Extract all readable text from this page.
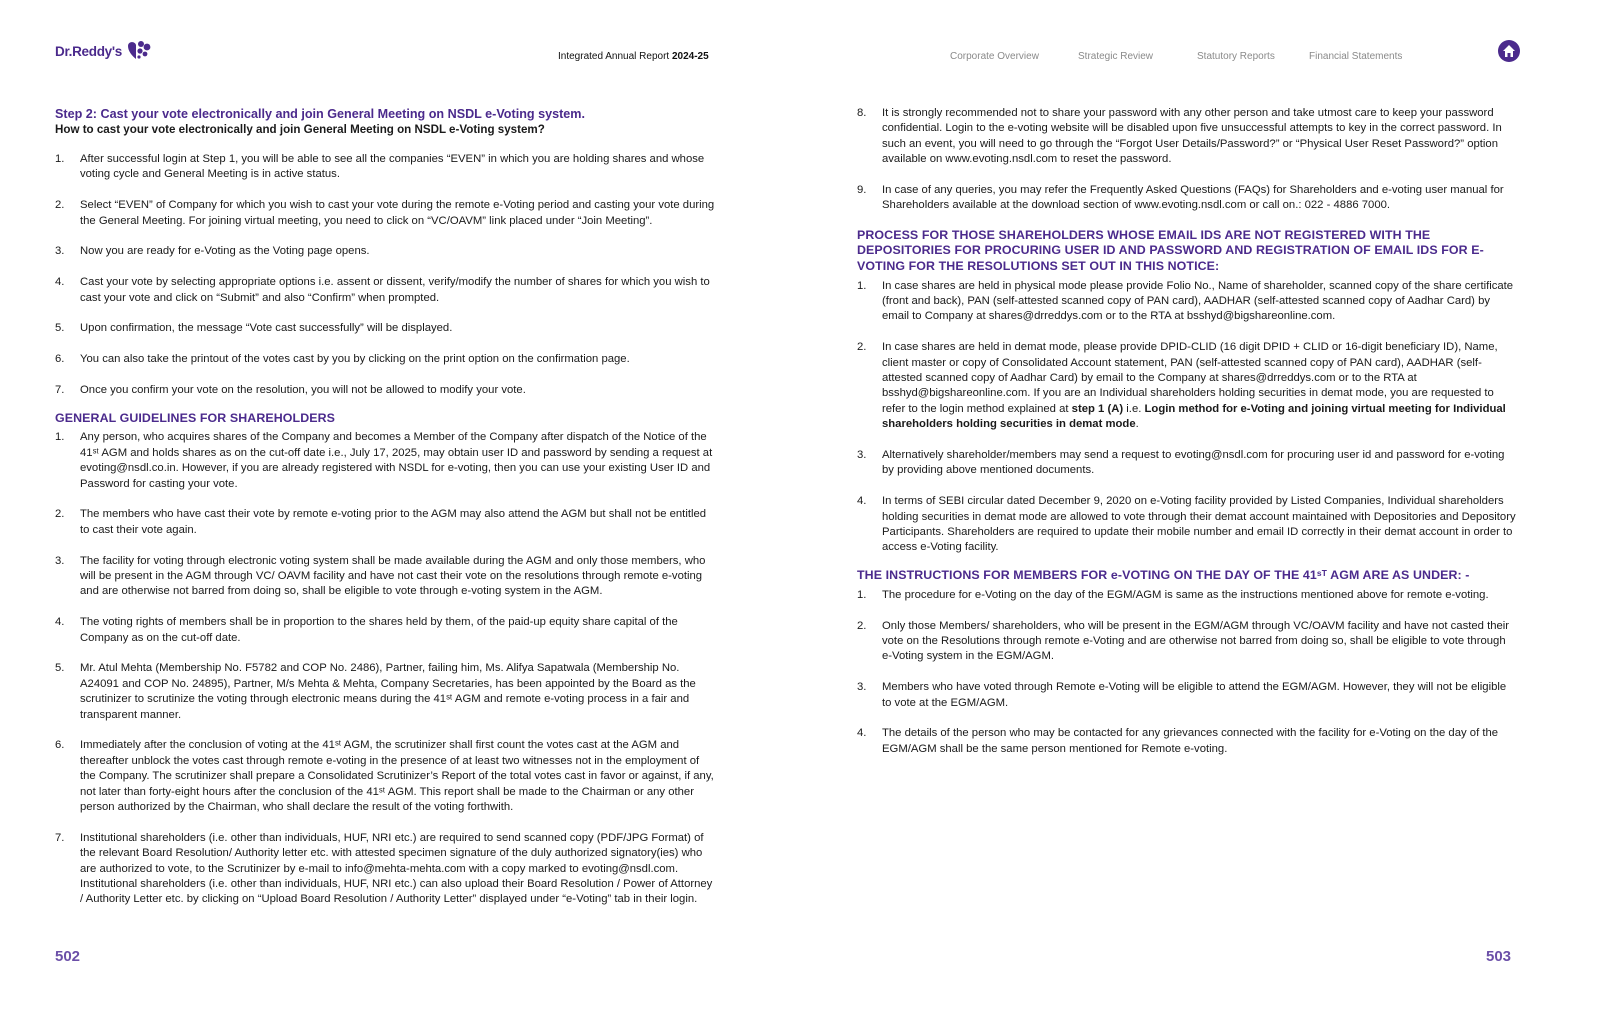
Dr.Reddy's	Integrated Annual Report 2024-25	Corporate Overview	Strategic Review	Statutory Reports	Financial Statements
Step 2: Cast your vote electronically and join General Meeting on NSDL e-Voting system.
How to cast your vote electronically and join General Meeting on NSDL e-Voting system?
1.	After successful login at Step 1, you will be able to see all the companies “EVEN” in which you are holding shares and whose voting cycle and General Meeting is in active status.
2.	Select “EVEN” of Company for which you wish to cast your vote during the remote e-Voting period and casting your vote during the General Meeting. For joining virtual meeting, you need to click on “VC/OAVM” link placed under “Join Meeting”.
3.	Now you are ready for e-Voting as the Voting page opens.
4.	Cast your vote by selecting appropriate options i.e. assent or dissent, verify/modify the number of shares for which you wish to cast your vote and click on “Submit” and also “Confirm” when prompted.
5.	Upon confirmation, the message “Vote cast successfully” will be displayed.
6.	You can also take the printout of the votes cast by you by clicking on the print option on the confirmation page.
7.	Once you confirm your vote on the resolution, you will not be allowed to modify your vote.
GENERAL GUIDELINES FOR SHAREHOLDERS
1.	Any person, who acquires shares of the Company and becomes a Member of the Company after dispatch of the Notice of the 41ˢᵗ AGM and holds shares as on the cut-off date i.e., July 17, 2025, may obtain user ID and password by sending a request at evoting@nsdl.co.in. However, if you are already registered with NSDL for e-voting, then you can use your existing User ID and Password for casting your vote.
2.	The members who have cast their vote by remote e-voting prior to the AGM may also attend the AGM but shall not be entitled to cast their vote again.
3.	The facility for voting through electronic voting system shall be made available during the AGM and only those members, who will be present in the AGM through VC/ OAVM facility and have not cast their vote on the resolutions through remote e-voting and are otherwise not barred from doing so, shall be eligible to vote through e-voting system in the AGM.
4.	The voting rights of members shall be in proportion to the shares held by them, of the paid-up equity share capital of the Company as on the cut-off date.
5.	Mr. Atul Mehta (Membership No. F5782 and COP No. 2486), Partner, failing him, Ms. Alifya Sapatwala (Membership No. A24091 and COP No. 24895), Partner, M/s Mehta & Mehta, Company Secretaries, has been appointed by the Board as the scrutinizer to scrutinize the voting through electronic means during the 41ˢᵗ AGM and remote e-voting process in a fair and transparent manner.
6.	Immediately after the conclusion of voting at the 41ˢᵗ AGM, the scrutinizer shall first count the votes cast at the AGM and thereafter unblock the votes cast through remote e-voting in the presence of at least two witnesses not in the employment of the Company. The scrutinizer shall prepare a Consolidated Scrutinizer’s Report of the total votes cast in favor or against, if any, not later than forty-eight hours after the conclusion of the 41ˢᵗ AGM. This report shall be made to the Chairman or any other person authorized by the Chairman, who shall declare the result of the voting forthwith.
7.	Institutional shareholders (i.e. other than individuals, HUF, NRI etc.) are required to send scanned copy (PDF/JPG Format) of the relevant Board Resolution/ Authority letter etc. with attested specimen signature of the duly authorized signatory(ies) who are authorized to vote, to the Scrutinizer by e-mail to info@mehta-mehta.com with a copy marked to evoting@nsdl.com. Institutional shareholders (i.e. other than individuals, HUF, NRI etc.) can also upload their Board Resolution / Power of Attorney / Authority Letter etc. by clicking on “Upload Board Resolution / Authority Letter” displayed under “e-Voting” tab in their login.
502
8.	It is strongly recommended not to share your password with any other person and take utmost care to keep your password confidential. Login to the e-voting website will be disabled upon five unsuccessful attempts to key in the correct password. In such an event, you will need to go through the “Forgot User Details/Password?” or “Physical User Reset Password?” option available on www.evoting.nsdl.com to reset the password.
9.	In case of any queries, you may refer the Frequently Asked Questions (FAQs) for Shareholders and e-voting user manual for Shareholders available at the download section of www.evoting.nsdl.com or call on.: 022 - 4886 7000.
PROCESS FOR THOSE SHAREHOLDERS WHOSE EMAIL IDS ARE NOT REGISTERED WITH THE DEPOSITORIES FOR PROCURING USER ID AND PASSWORD AND REGISTRATION OF EMAIL IDS FOR E-VOTING FOR THE RESOLUTIONS SET OUT IN THIS NOTICE:
1.	In case shares are held in physical mode please provide Folio No., Name of shareholder, scanned copy of the share certificate (front and back), PAN (self-attested scanned copy of PAN card), AADHAR (self-attested scanned copy of Aadhar Card) by email to Company at shares@drreddys.com or to the RTA at bsshyd@bigshareonline.com.
2.	In case shares are held in demat mode, please provide DPID-CLID (16 digit DPID + CLID or 16-digit beneficiary ID), Name, client master or copy of Consolidated Account statement, PAN (self-attested scanned copy of PAN card), AADHAR (self-attested scanned copy of Aadhar Card) by email to the Company at shares@drreddys.com or to the RTA at bsshyd@bigshareonline.com. If you are an Individual shareholders holding securities in demat mode, you are requested to refer to the login method explained at step 1 (A) i.e. Login method for e-Voting and joining virtual meeting for Individual shareholders holding securities in demat mode.
3.	Alternatively shareholder/members may send a request to evoting@nsdl.com for procuring user id and password for e-voting by providing above mentioned documents.
4.	In terms of SEBI circular dated December 9, 2020 on e-Voting facility provided by Listed Companies, Individual shareholders holding securities in demat mode are allowed to vote through their demat account maintained with Depositories and Depository Participants. Shareholders are required to update their mobile number and email ID correctly in their demat account in order to access e-Voting facility.
THE INSTRUCTIONS FOR MEMBERS FOR e-VOTING ON THE DAY OF THE 41ˢᵀ AGM ARE AS UNDER: -
1.	The procedure for e-Voting on the day of the EGM/AGM is same as the instructions mentioned above for remote e-voting.
2.	Only those Members/ shareholders, who will be present in the EGM/AGM through VC/OAVM facility and have not casted their vote on the Resolutions through remote e-Voting and are otherwise not barred from doing so, shall be eligible to vote through e-Voting system in the EGM/AGM.
3.	Members who have voted through Remote e-Voting will be eligible to attend the EGM/AGM. However, they will not be eligible to vote at the EGM/AGM.
4.	The details of the person who may be contacted for any grievances connected with the facility for e-Voting on the day of the EGM/AGM shall be the same person mentioned for Remote e-voting.
503
